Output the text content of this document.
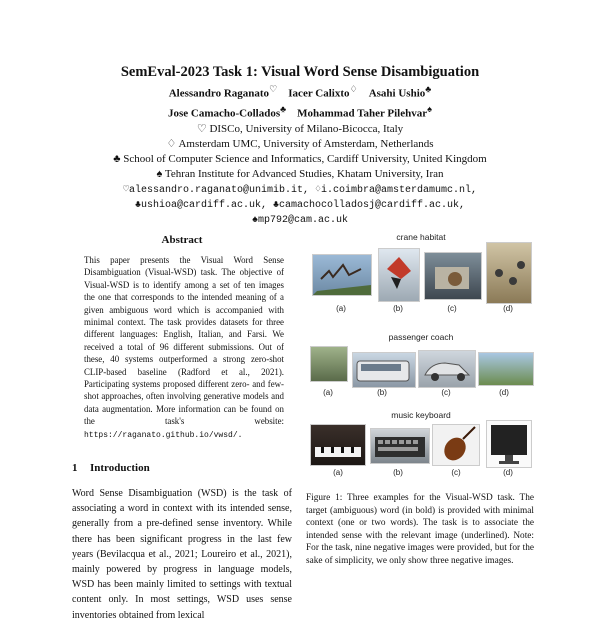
SemEval-2023 Task 1: Visual Word Sense Disambiguation
Alessandro Raganato♡ Iacer Calixto♢ Asahi Ushio♣
Jose Camacho-Collados♣ Mohammad Taher Pilehvar♠
♡ DISCo, University of Milano-Bicocca, Italy
♢ Amsterdam UMC, University of Amsterdam, Netherlands
♣ School of Computer Science and Informatics, Cardiff University, United Kingdom
♠ Tehran Institute for Advanced Studies, Khatam University, Iran
♡alessandro.raganato@unimib.it, ♢i.coimbra@amsterdamumc.nl,
♣ushioa@cardiff.ac.uk, ♣camachocolladosj@cardiff.ac.uk,
♠mp792@cam.ac.uk
Abstract
This paper presents the Visual Word Sense Disambiguation (Visual-WSD) task. The objective of Visual-WSD is to identify among a set of ten images the one that corresponds to the intended meaning of a given ambiguous word which is accompanied with minimal context. The task provides datasets for three different languages: English, Italian, and Farsi. We received a total of 96 different submissions. Out of these, 40 systems outperformed a strong zero-shot CLIP-based baseline (Radford et al., 2021). Participating systems proposed different zero- and few-shot approaches, often involving generative models and data augmentation. More information can be found on the task's website: https://raganato.github.io/vwsd/.
1 Introduction
Word Sense Disambiguation (WSD) is the task of associating a word in context with its intended sense, generally from a pre-defined sense inventory. While there has been significant progress in the last few years (Bevilacqua et al., 2021; Loureiro et al., 2021), mainly powered by progress in language models, WSD has been mainly limited to settings with textual content only. In most settings, WSD uses sense inventories obtained from lexical
crane habitat
(a)	(b)	(c)	(d)
passenger coach
(a)	(b)	(c)	(d)
music keyboard
(a)	(b)	(c)	(d)
Figure 1: Three examples for the Visual-WSD task. The target (ambiguous) word (in bold) is provided with minimal context (one or two words). The task is to associate the intended sense with the relevant image (underlined). Note: For the task, nine negative images were provided, but for the sake of simplicity, we only show three negative images.
